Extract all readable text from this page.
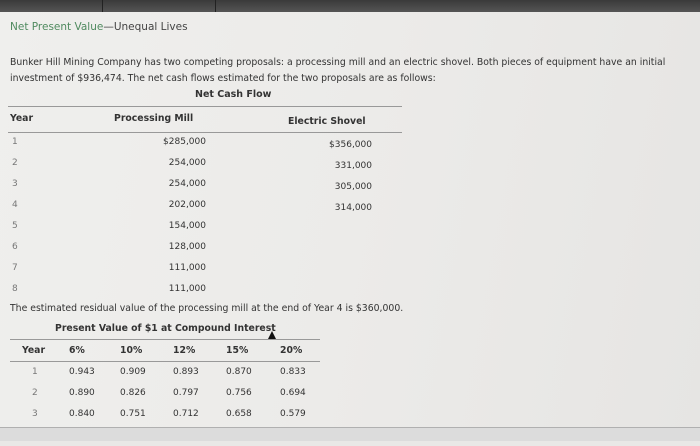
Net Present Value—Unequal Lives
Bunker Hill Mining Company has two competing proposals: a processing mill and an electric shovel. Both pieces of equipment have an initial investment of $936,474. The net cash flows estimated for the two proposals are as follows:
Net Cash Flow
Year	Processing Mill	Electric Shovel
1	$285,000	$356,000
2	254,000	331,000
3	254,000	305,000
4	202,000	314,000
5	154,000
6	128,000
7	111,000
8	111,000
The estimated residual value of the processing mill at the end of Year 4 is $360,000.
Present Value of $1 at Compound Interest
Year	6%	10%	12%	15%	20%
1	0.943	0.909	0.893	0.870	0.833
2	0.890	0.826	0.797	0.756	0.694
3	0.840	0.751	0.712	0.658	0.579
